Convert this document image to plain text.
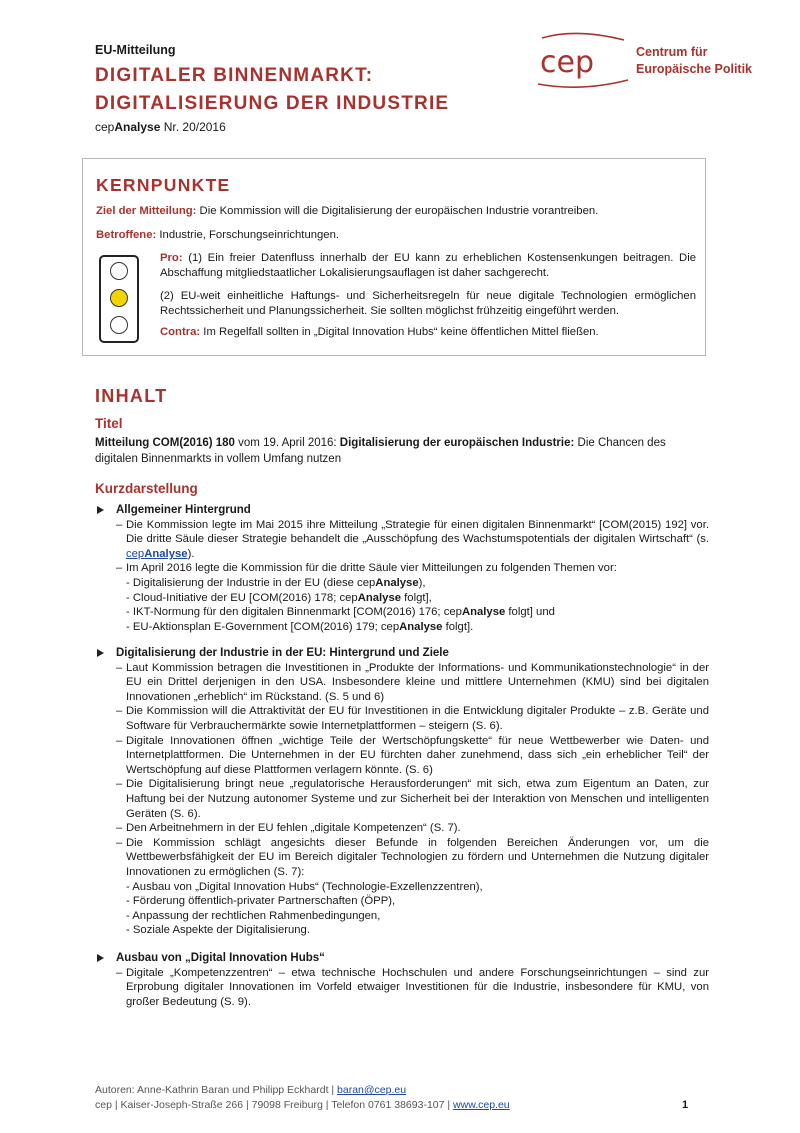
EU-Mitteilung
DIGITALER BINNENMARKT:
DIGITALISIERUNG DER INDUSTRIE
cepAnalyse Nr. 20/2016
cep	Centrum für
Europäische Politik
KERNPUNKTE
Ziel der Mitteilung: Die Kommission will die Digitalisierung der europäischen Industrie vorantreiben.
Betroffene: Industrie, Forschungseinrichtungen.
Pro: (1) Ein freier Datenfluss innerhalb der EU kann zu erheblichen Kostensenkungen beitragen. Die Abschaffung mitgliedstaatlicher Lokalisierungsauflagen ist daher sachgerecht.
(2) EU-weit einheitliche Haftungs- und Sicherheitsregeln für neue digitale Technologien ermöglichen Rechtssicherheit und Planungssicherheit. Sie sollten möglichst frühzeitig eingeführt werden.
Contra: Im Regelfall sollten in „Digital Innovation Hubs“ keine öffentlichen Mittel fließen.
INHALT
Titel
Mitteilung COM(2016) 180 vom 19. April 2016: Digitalisierung der europäischen Industrie: Die Chancen des digitalen Binnenmarkts in vollem Umfang nutzen
Kurzdarstellung
Allgemeiner Hintergrund
– Die Kommission legte im Mai 2015 ihre Mitteilung „Strategie für einen digitalen Binnenmarkt“ [COM(2015) 192] vor. Die dritte Säule dieser Strategie behandelt die „Ausschöpfung des Wachstumspotentials der digitalen Wirtschaft“ (s. cepAnalyse).
– Im April 2016 legte die Kommission für die dritte Säule vier Mitteilungen zu folgenden Themen vor:
- Digitalisierung der Industrie in der EU (diese cepAnalyse),
- Cloud-Initiative der EU [COM(2016) 178; cepAnalyse folgt],
- IKT-Normung für den digitalen Binnenmarkt [COM(2016) 176; cepAnalyse folgt] und
- EU-Aktionsplan E-Government [COM(2016) 179; cepAnalyse folgt].
Digitalisierung der Industrie in der EU: Hintergrund und Ziele
– Laut Kommission betragen die Investitionen in „Produkte der Informations- und Kommunikationstechnologie“ in der EU ein Drittel derjenigen in den USA. Insbesondere kleine und mittlere Unternehmen (KMU) sind bei digitalen Innovationen „erheblich“ im Rückstand. (S. 5 und 6)
– Die Kommission will die Attraktivität der EU für Investitionen in die Entwicklung digitaler Produkte – z.B. Geräte und Software für Verbrauchermärkte sowie Internetplattformen – steigern (S. 6).
– Digitale Innovationen öffnen „wichtige Teile der Wertschöpfungskette“ für neue Wettbewerber wie Daten- und Internetplattformen. Die Unternehmen in der EU fürchten daher zunehmend, dass sich „ein erheblicher Teil“ der Wertschöpfung auf diese Plattformen verlagern könnte. (S. 6)
– Die Digitalisierung bringt neue „regulatorische Herausforderungen“ mit sich, etwa zum Eigentum an Daten, zur Haftung bei der Nutzung autonomer Systeme und zur Sicherheit bei der Interaktion von Menschen und intelligenten Geräten (S. 6).
– Den Arbeitnehmern in der EU fehlen „digitale Kompetenzen“ (S. 7).
– Die Kommission schlägt angesichts dieser Befunde in folgenden Bereichen Änderungen vor, um die Wettbewerbsfähigkeit der EU im Bereich digitaler Technologien zu fördern und Unternehmen die Nutzung digitaler Innovationen zu ermöglichen (S. 7):
- Ausbau von „Digital Innovation Hubs“ (Technologie-Exzellenzzentren),
- Förderung öffentlich-privater Partnerschaften (ÖPP),
- Anpassung der rechtlichen Rahmenbedingungen,
- Soziale Aspekte der Digitalisierung.
Ausbau von „Digital Innovation Hubs“
– Digitale „Kompetenzzentren“ – etwa technische Hochschulen und andere Forschungseinrichtungen – sind zur Erprobung digitaler Innovationen im Vorfeld etwaiger Investitionen für die Industrie, insbesondere für KMU, von großer Bedeutung (S. 9).
Autoren: Anne-Kathrin Baran und Philipp Eckhardt | baran@cep.eu
cep | Kaiser-Joseph-Straße 266 | 79098 Freiburg | Telefon 0761 38693-107 | www.cep.eu	1
